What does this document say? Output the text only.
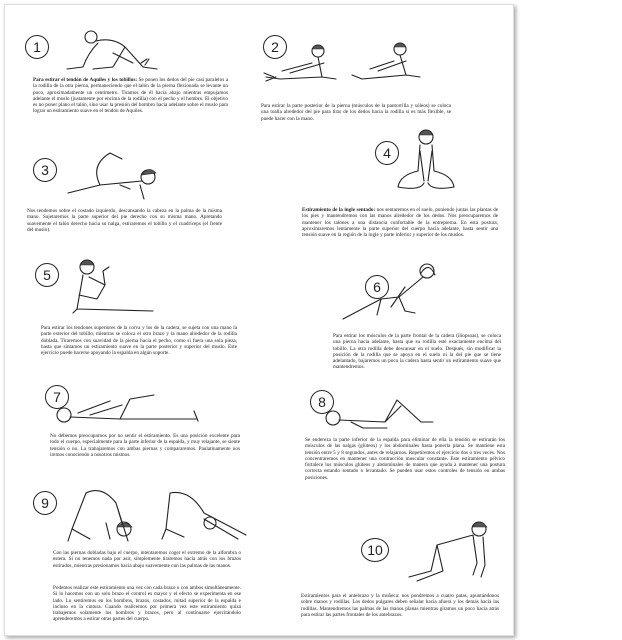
1
Para estirar el tendón de Aquiles y los tobillos: Se ponen los dedos del pie casi paralelos a la rodilla de la otra pierna, permaneciendo que el talón de la pierna flexionada se levante un poco, aproximadamente un centímetro. Tiramos de él hacia abajo mientras empujamos adelante el muslo (justamente por encima de la rodilla) con el pecho y el hombro. El objetivo es no poner plano el talón, sino usar la presión del hombro hacia adelante sobre el muslo para lograr un estiramiento suave en el tendón de Aquiles.
2
Para estirar la parte posterior de la pierna (músculos de la pantorrilla y sóleos) se coloca una toalla alrededor del pie para tirar de los dedos hacia la rodilla si es más flexible, se puede hacer con la mano.
3
Nos tendemos sobre el costado izquierdo, descansando la cabeza en la palma de la misma mano. Sujetaremos la parte superior del pie derecho con su misma mano. Apretando suavemente el talón derecho hacia su nalga, estiraremos el tobillo y el cuadriceps (el frente del muslo).
4
Estiramiento de la ingle sentado: nos sentaremos en el suelo, poniendo juntas las plantas de los pies y mantendremos con las manos alrededor de los dedos. Nos preocuparemos de mantener los talones a una distancia confortable de la entrepierna. En esta postura, aproximaremos lentamente la parte superior del cuerpo hacia adelante, hasta sentir una tensión suave en la región de la ingle y parte inferior y superior de los muslos.
5
Para estirar los tendones superiores de la corva y los de la cadera, se sujeta con una mano la parte exterior del tobillo, mientras se coloca el otro brazo y la mano alrededor de la rodilla doblada. Tiraremos con suavidad de la pierna hacia el pecho, como si fuera una sola pieza, hasta que sintamos un estiramiento suave en la parte posterior y superior del muslo. Este ejercicio puede hacerse apoyando la espalda en algún soporte.
6
Para estirar los músculos de la parte frontal de la cadera (iliopsoas), se coloca una pierna hacia adelante, hasta que su rodilla esté exactamente encima del tobillo. La otra rodilla debe descansar en el suelo. Después, sin modificar la posición de la rodilla que se apoya en el suelo ni la del pie que se tiene adelantado, bajaremos un poco la cadera hasta sentir un estiramiento suave que mantendremos.
7
No debemos preocuparnos por no sentir el estiramiento. Es una posición excelente para todo el cuerpo, especialmente para la parte inferior de la espalda, y muy relajante, se siente tensión o no. La trabajaremos con ambas piernas y compararemos. Paulatinamente nos iremos conociendo a nosotros mismos.
8
Se endereza la parte inferior de la espalda para eliminar de ella la tensión se estirarán los músculos de las nalgas (glúteos) y los abdominales hasta ponerla plana. Se mantiene esta tensión entre 5 y 8 segundos, antes de relajarnos. Repetiremos el ejercicio dos o tres veces. Nos concentraremos en mantener una contracción muscular constante. Este estiramiento pélvico fortalece los músculos glúteos y abdominales de manera que ayuda a mantener una postura correcta estando sentado o levantado. Se pueden usar estos controles de tensión en ambas posiciones.
9
Con las piernas dobladas bajo el cuerpo, intentaremos coger el extremo de la alfombra o estera. Si no tenemos nada por asir, simplemente tiraremos hacia atrás con los brazos estirados, mientras presionamos hacia abajo suavemente con las palmas de las manos.
Podemos realizar este estiramiento una vez con cada brazo o con ambos simultáneamente. Si lo hacemos con un solo brazo el control es mayor y el efecto se experimenta en ese lado. Lo sentiremos en los hombros, brazos, costados, mitad superior de la espalda e incluso en la cintura. Cuando realicemos por primera vez este estiramiento quizá trabajemos solamente los hombros y brazos, pero al continuarse ejercitándolo aprenderemos a estirar otras partes del cuerpo.
10
Estiramientos para el antebrazo y la muñeca: nos pondremos a cuatro patas, apuntándonos sobre manos y rodillas. Los dedos pulgares deben señalar hacia afuera y los demás hacia las rodillas. Mantendremos las palmas de las manos planas mientras giramos un poco hacia atrás para estirar las partes frontales de los antebrazos.
